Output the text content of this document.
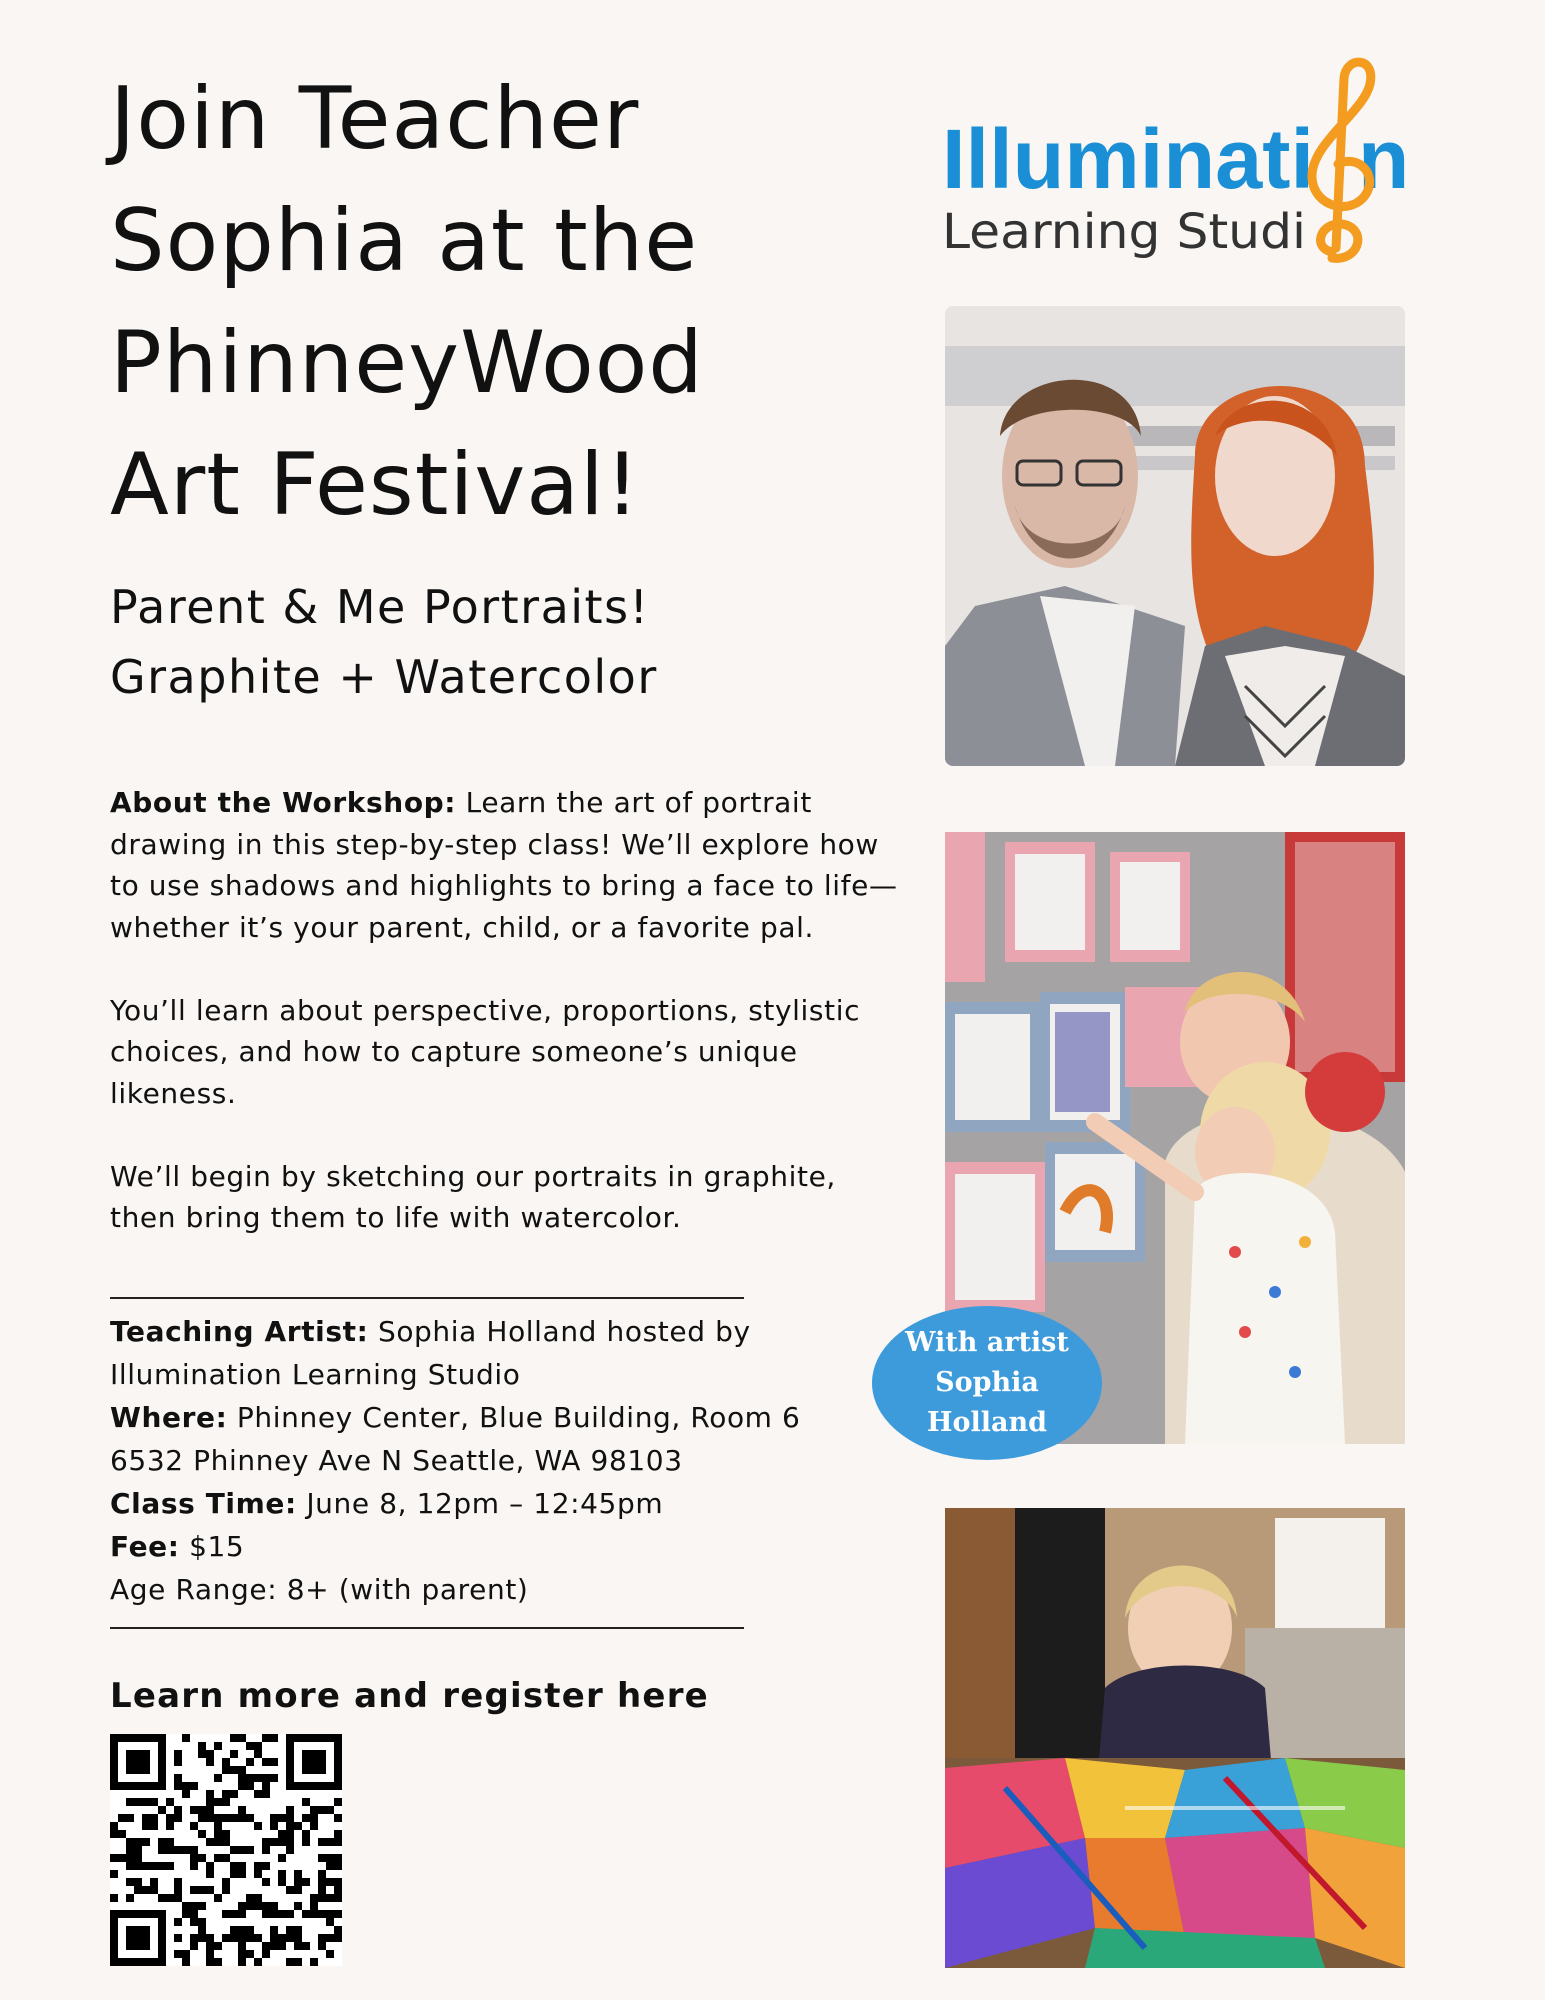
Join Teacher
Sophia at the
PhinneyWood
Art Festival!
Parent & Me Portraits!
Graphite + Watercolor

About the Workshop: Learn the art of portrait drawing in this step-by-step class! We’ll explore how to use shadows and highlights to bring a face to life—whether it’s your parent, child, or a favorite pal.

You’ll learn about perspective, proportions, stylistic choices, and how to capture someone’s unique likeness.

We’ll begin by sketching our portraits in graphite, then bring them to life with watercolor.

Teaching Artist: Sophia Holland hosted by
Illumination Learning Studio
Where: Phinney Center, Blue Building, Room 6
6532 Phinney Ave N Seattle, WA 98103
Class Time: June 8, 12pm – 12:45pm
Fee: $15
Age Range: 8+ (with parent)
Learn more and register here
Illuminati n
Learning Studi
With artist
Sophia
Holland
